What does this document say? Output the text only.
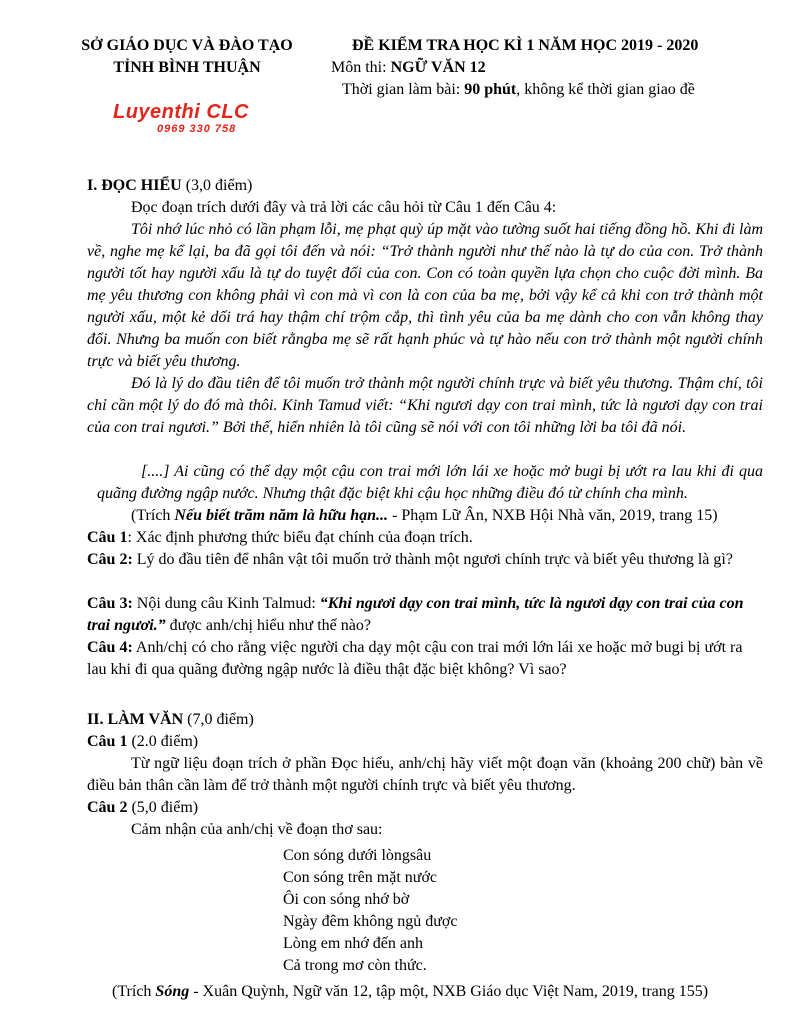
SỞ GIÁO DỤC VÀ ĐÀO TẠO
TỈNH BÌNH THUẬN
ĐỀ KIỂM TRA HỌC KÌ 1 NĂM HỌC 2019 - 2020
Môn thi: NGỮ VĂN 12
Thời gian làm bài: 90 phút, không kể thời gian giao đề
Luyenthi CLC
0969 330 758
I. ĐỌC HIỂU (3,0 điểm)
Đọc đoạn trích dưới đây và trả lời các câu hỏi từ Câu 1 đến Câu 4:
Tôi nhớ lúc nhỏ có lần phạm lỗi, mẹ phạt quỳ úp mặt vào tường suốt hai tiếng đồng hồ. Khi đi làm về, nghe mẹ kể lại, ba đã gọi tôi đến và nói: “Trở thành người như thế nào là tự do của con. Trở thành người tốt hay người xấu là tự do tuyệt đối của con. Con có toàn quyền lựa chọn cho cuộc đời mình. Ba mẹ yêu thương con không phải vì con mà vì con là con của ba mẹ, bởi vậy kể cả khi con trở thành một người xấu, một kẻ dối trá hay thậm chí trộm cắp, thì tình yêu của ba mẹ dành cho con vẫn không thay đổi. Nhưng ba muốn con biết rằngba mẹ sẽ rất hạnh phúc và tự hào nếu con trở thành một người chính trực và biết yêu thương.
Đó là lý do đầu tiên để tôi muốn trở thành một người chính trực và biết yêu thương. Thậm chí, tôi chỉ cần một lý do đó mà thôi. Kinh Tamud viết: “Khi ngươi dạy con trai mình, tức là ngươi dạy con trai của con trai ngươi.” Bởi thế, hiển nhiên là tôi cũng sẽ nói với con tôi những lời ba tôi đã nói.
[....] Ai cũng có thể dạy một cậu con trai mới lớn lái xe hoặc mở bugi bị ướt ra lau khi đi qua quãng đường ngập nước. Nhưng thật đặc biệt khi cậu học những điều đó từ chính cha mình.
(Trích Nếu biết trăm năm là hữu hạn... - Phạm Lữ Ân, NXB Hội Nhà văn, 2019, trang 15)
Câu 1: Xác định phương thức biểu đạt chính của đoạn trích.
Câu 2: Lý do đầu tiên để nhân vật tôi muốn trở thành một ngươi chính trực và biết yêu thương là gì?
Câu 3: Nội dung câu Kinh Talmud: “Khi ngươi dạy con trai mình, tức là ngươi dạy con trai của con trai ngươi.” được anh/chị hiểu như thế nào?
Câu 4: Anh/chị có cho rằng việc người cha dạy một cậu con trai mới lớn lái xe hoặc mở bugi bị ướt ra lau khi đi qua quãng đường ngập nước là điều thật đặc biệt không? Vì sao?
II. LÀM VĂN (7,0 điểm)
Câu 1 (2.0 điểm)
Từ ngữ liệu đoạn trích ở phần Đọc hiểu, anh/chị hãy viết một đoạn văn (khoảng 200 chữ) bàn về điều bản thân cần làm để trở thành một người chính trực và biết yêu thương.
Câu 2 (5,0 điểm)
Cảm nhận của anh/chị về đoạn thơ sau:
Con sóng dưới lòngsâu
Con sóng trên mặt nước
Ôi con sóng nhớ bờ
Ngày đêm không ngủ được
Lòng em nhớ đến anh
Cả trong mơ còn thức.
(Trích Sóng - Xuân Quỳnh, Ngữ văn 12, tập một, NXB Giáo dục Việt Nam, 2019, trang 155)
